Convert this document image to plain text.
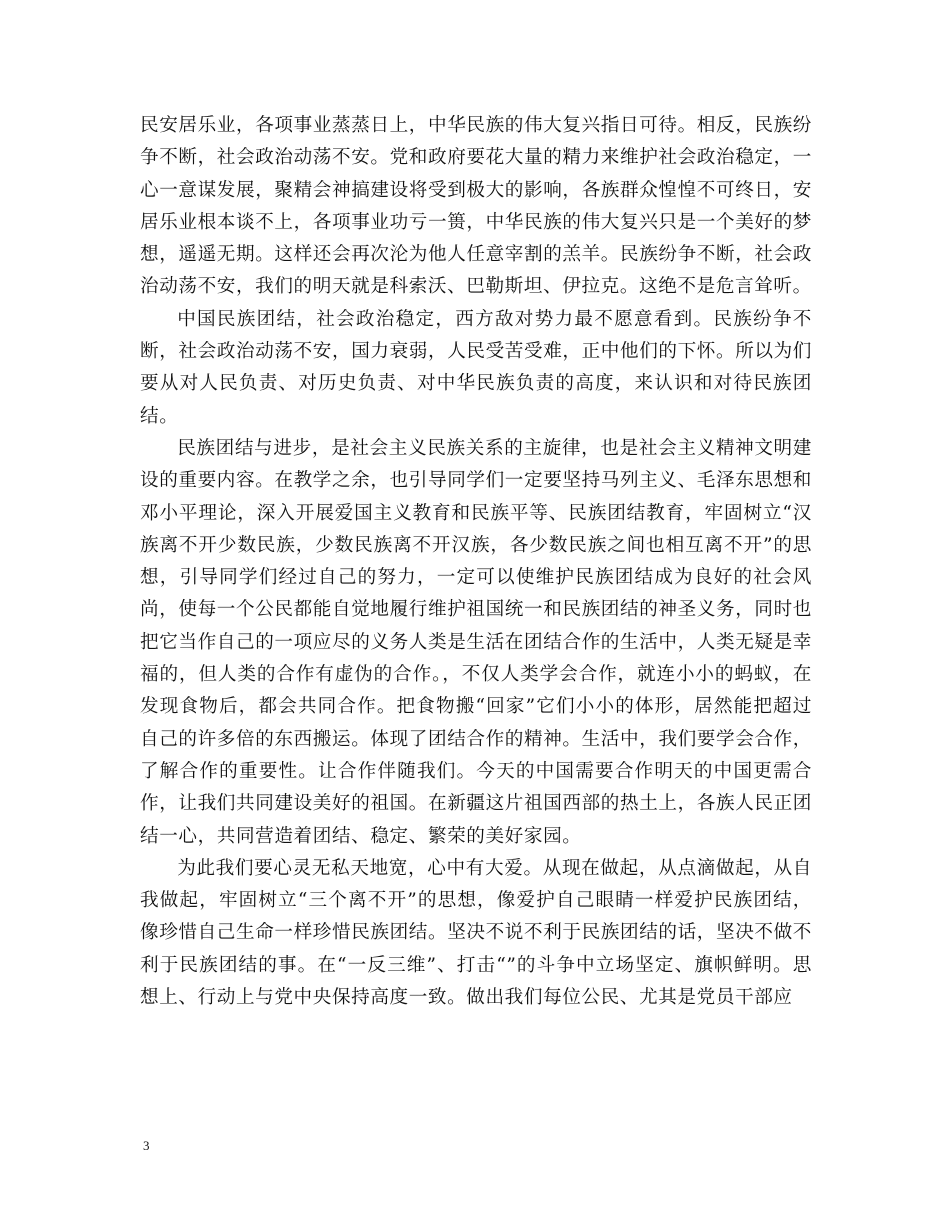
民安居乐业，各项事业蒸蒸日上，中华民族的伟大复兴指日可待。相反，民族纷争不断，社会政治动荡不安。党和政府要花大量的精力来维护社会政治稳定，一心一意谋发展，聚精会神搞建设将受到极大的影响，各族群众惶惶不可终日，安居乐业根本谈不上，各项事业功亏一篑，中华民族的伟大复兴只是一个美好的梦想，遥遥无期。这样还会再次沦为他人任意宰割的羔羊。民族纷争不断，社会政治动荡不安，我们的明天就是科索沃、巴勒斯坦、伊拉克。这绝不是危言耸听。

中国民族团结，社会政治稳定，西方敌对势力最不愿意看到。民族纷争不断，社会政治动荡不安，国力衰弱，人民受苦受难，正中他们的下怀。所以为们要从对人民负责、对历史负责、对中华民族负责的高度，来认识和对待民族团结。

民族团结与进步，是社会主义民族关系的主旋律，也是社会主义精神文明建设的重要内容。在教学之余，也引导同学们一定要坚持马列主义、毛泽东思想和邓小平理论，深入开展爱国主义教育和民族平等、民族团结教育，牢固树立“汉族离不开少数民族，少数民族离不开汉族，各少数民族之间也相互离不开”的思想，引导同学们经过自己的努力，一定可以使维护民族团结成为良好的社会风尚，使每一个公民都能自觉地履行维护祖国统一和民族团结的神圣义务，同时也把它当作自己的一项应尽的义务人类是生活在团结合作的生活中，人类无疑是幸福的，但人类的合作有虚伪的合作。，不仅人类学会合作，就连小小的蚂蚁，在发现食物后，都会共同合作。把食物搬“回家”它们小小的体形，居然能把超过自己的许多倍的东西搬运。体现了团结合作的精神。生活中，我们要学会合作，了解合作的重要性。让合作伴随我们。今天的中国需要合作明天的中国更需合作，让我们共同建设美好的祖国。在新疆这片祖国西部的热土上，各族人民正团结一心，共同营造着团结、稳定、繁荣的美好家园。

为此我们要心灵无私天地宽，心中有大爱。从现在做起，从点滴做起，从自我做起，牢固树立“三个离不开”的思想，像爱护自己眼睛一样爱护民族团结，像珍惜自己生命一样珍惜民族团结。坚决不说不利于民族团结的话，坚决不做不利于民族团结的事。在“一反三维”、打击“”的斗争中立场坚定、旗帜鲜明。思想上、行动上与党中央保持高度一致。做出我们每位公民、尤其是党员干部应

3
